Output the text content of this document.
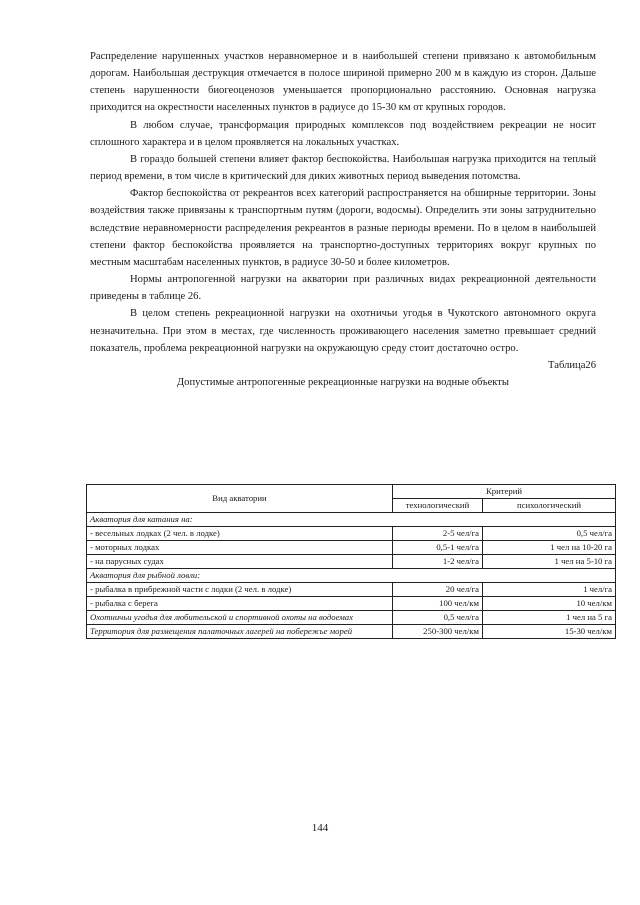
Распределение нарушенных участков неравномерное и в наибольшей степени привязано к автомобильным дорогам. Наибольшая деструкция отмечается в полосе шириной примерно 200 м в каждую из сторон. Дальше степень нарушенности биогеоценозов уменьшается пропорционально расстоянию. Основная нагрузка приходится на окрестности населенных пунктов в радиусе до 15-30 км от крупных городов.

В любом случае, трансформация природных комплексов под воздействием рекреации не носит сплошного характера и в целом проявляется на локальных участках.

В гораздо большей степени влияет фактор беспокойства. Наибольшая нагрузка приходится на теплый период времени, в том числе в критический для диких животных период выведения потомства.

Фактор беспокойства от рекреантов всех категорий распространяется на обширные территории. Зоны воздействия также привязаны к транспортным путям (дороги, водосмы). Определить эти зоны затруднительно вследствие неравномерности распределения рекреантов в разные периоды времени. По в целом в наибольшей степени фактор беспокойства проявляется на транспортно-доступных территориях вокруг крупных по местным масштабам населенных пунктов, в радиусе 30-50 и более километров.

Нормы антропогенной нагрузки на акватории при различных видах рекреационной деятельности приведены в таблице 26.

В целом степень рекреационной нагрузки на охотничьи угодья в Чукотского автономного округа незначительна. При этом в местах, где численность проживающего населения заметно превышает средний показатель, проблема рекреационной нагрузки на окружающую среду стоит достаточно остро.

Таблица26

Допустимые антропогенные рекреационные нагрузки на водные объекты

Вид акватории	Критерий	
	технологический	психологический
Акватория для катания на:		
- весельных лодках (2 чел. в лодке)	2-5 чел/га	0,5 чел/га
- моторных лодках	0,5-1 чел/га	1 чел на 10-20 га
- на парусных судах	1-2 чел/га	1 чел на 5-10 га
Акватория для рыбной ловли:		
- рыбалка в прибрежной части с лодки (2 чел. в лодке)	20 чел/га	1 чел/га
- рыбалка с берега	100 чел/км	10 чел/км
Охотничьи угодья для любительской и спортивной охоты на водоемах	0,5 чел/га	1 чел на 5 га
Территория для размещения палаточных лагерей на побережье морей	250-300 чел/км	15-30 чел/км
144
